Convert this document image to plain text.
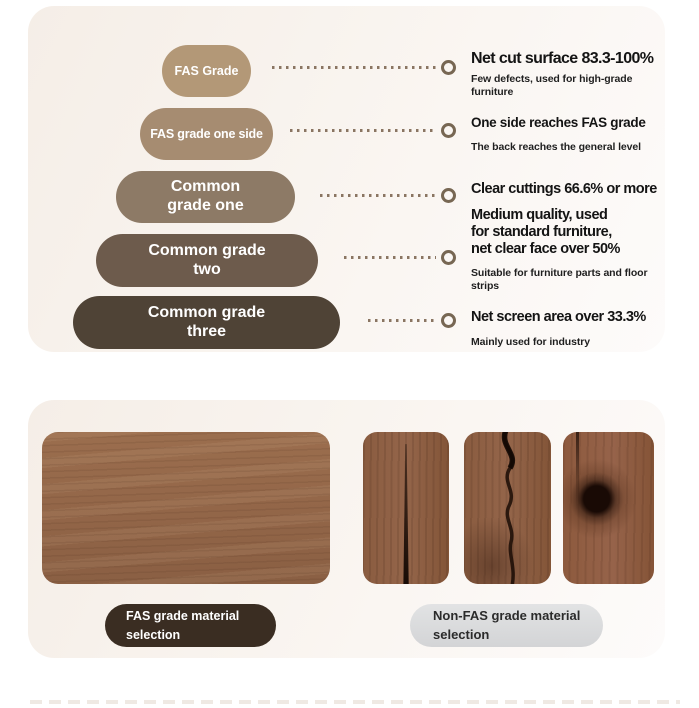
FAS Grade
FAS grade one side
Common
grade one
Common grade
two
Common grade
three
Net cut surface 83.3-100%
Few defects, used for high-grade
furniture
One side reaches FAS grade
The back reaches the general level
Clear cuttings 66.6% or more
Medium quality, used
for standard furniture,
net clear face over 50%
Suitable for furniture parts and floor
strips
Net screen area over 33.3%
Mainly used for industry
FAS grade material
selection
Non-FAS grade material
selection
